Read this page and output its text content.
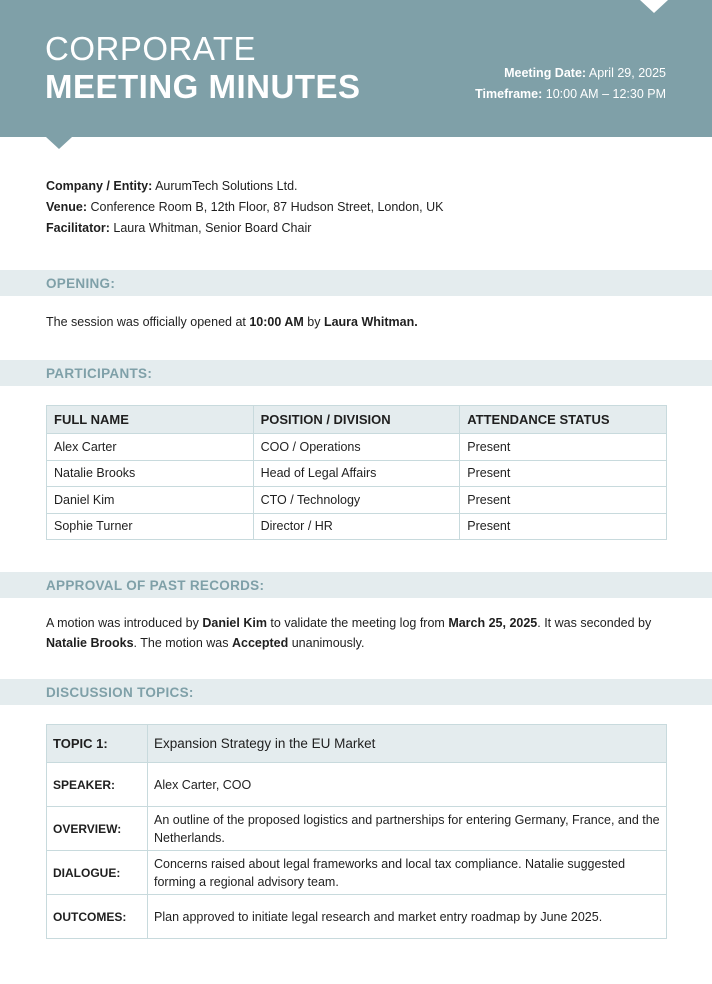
CORPORATE
MEETING MINUTES	Meeting Date: April 29, 2025
Timeframe: 10:00 AM – 12:30 PM
Company / Entity: AurumTech Solutions Ltd.
Venue: Conference Room B, 12th Floor, 87 Hudson Street, London, UK
Facilitator: Laura Whitman, Senior Board Chair
OPENING:
The session was officially opened at 10:00 AM by Laura Whitman.
PARTICIPANTS:
FULL NAME	POSITION / DIVISION	ATTENDANCE STATUS
Alex Carter	COO / Operations	Present
Natalie Brooks	Head of Legal Affairs	Present
Daniel Kim	CTO / Technology	Present
Sophie Turner	Director / HR	Present
APPROVAL OF PAST RECORDS:
A motion was introduced by Daniel Kim to validate the meeting log from March 25, 2025. It was seconded by Natalie Brooks. The motion was Accepted unanimously.
DISCUSSION TOPICS:
TOPIC 1:	Expansion Strategy in the EU Market
SPEAKER:	Alex Carter, COO
OVERVIEW:	An outline of the proposed logistics and partnerships for entering Germany, France, and the Netherlands.
DIALOGUE:	Concerns raised about legal frameworks and local tax compliance. Natalie suggested forming a regional advisory team.
OUTCOMES:	Plan approved to initiate legal research and market entry roadmap by June 2025.
